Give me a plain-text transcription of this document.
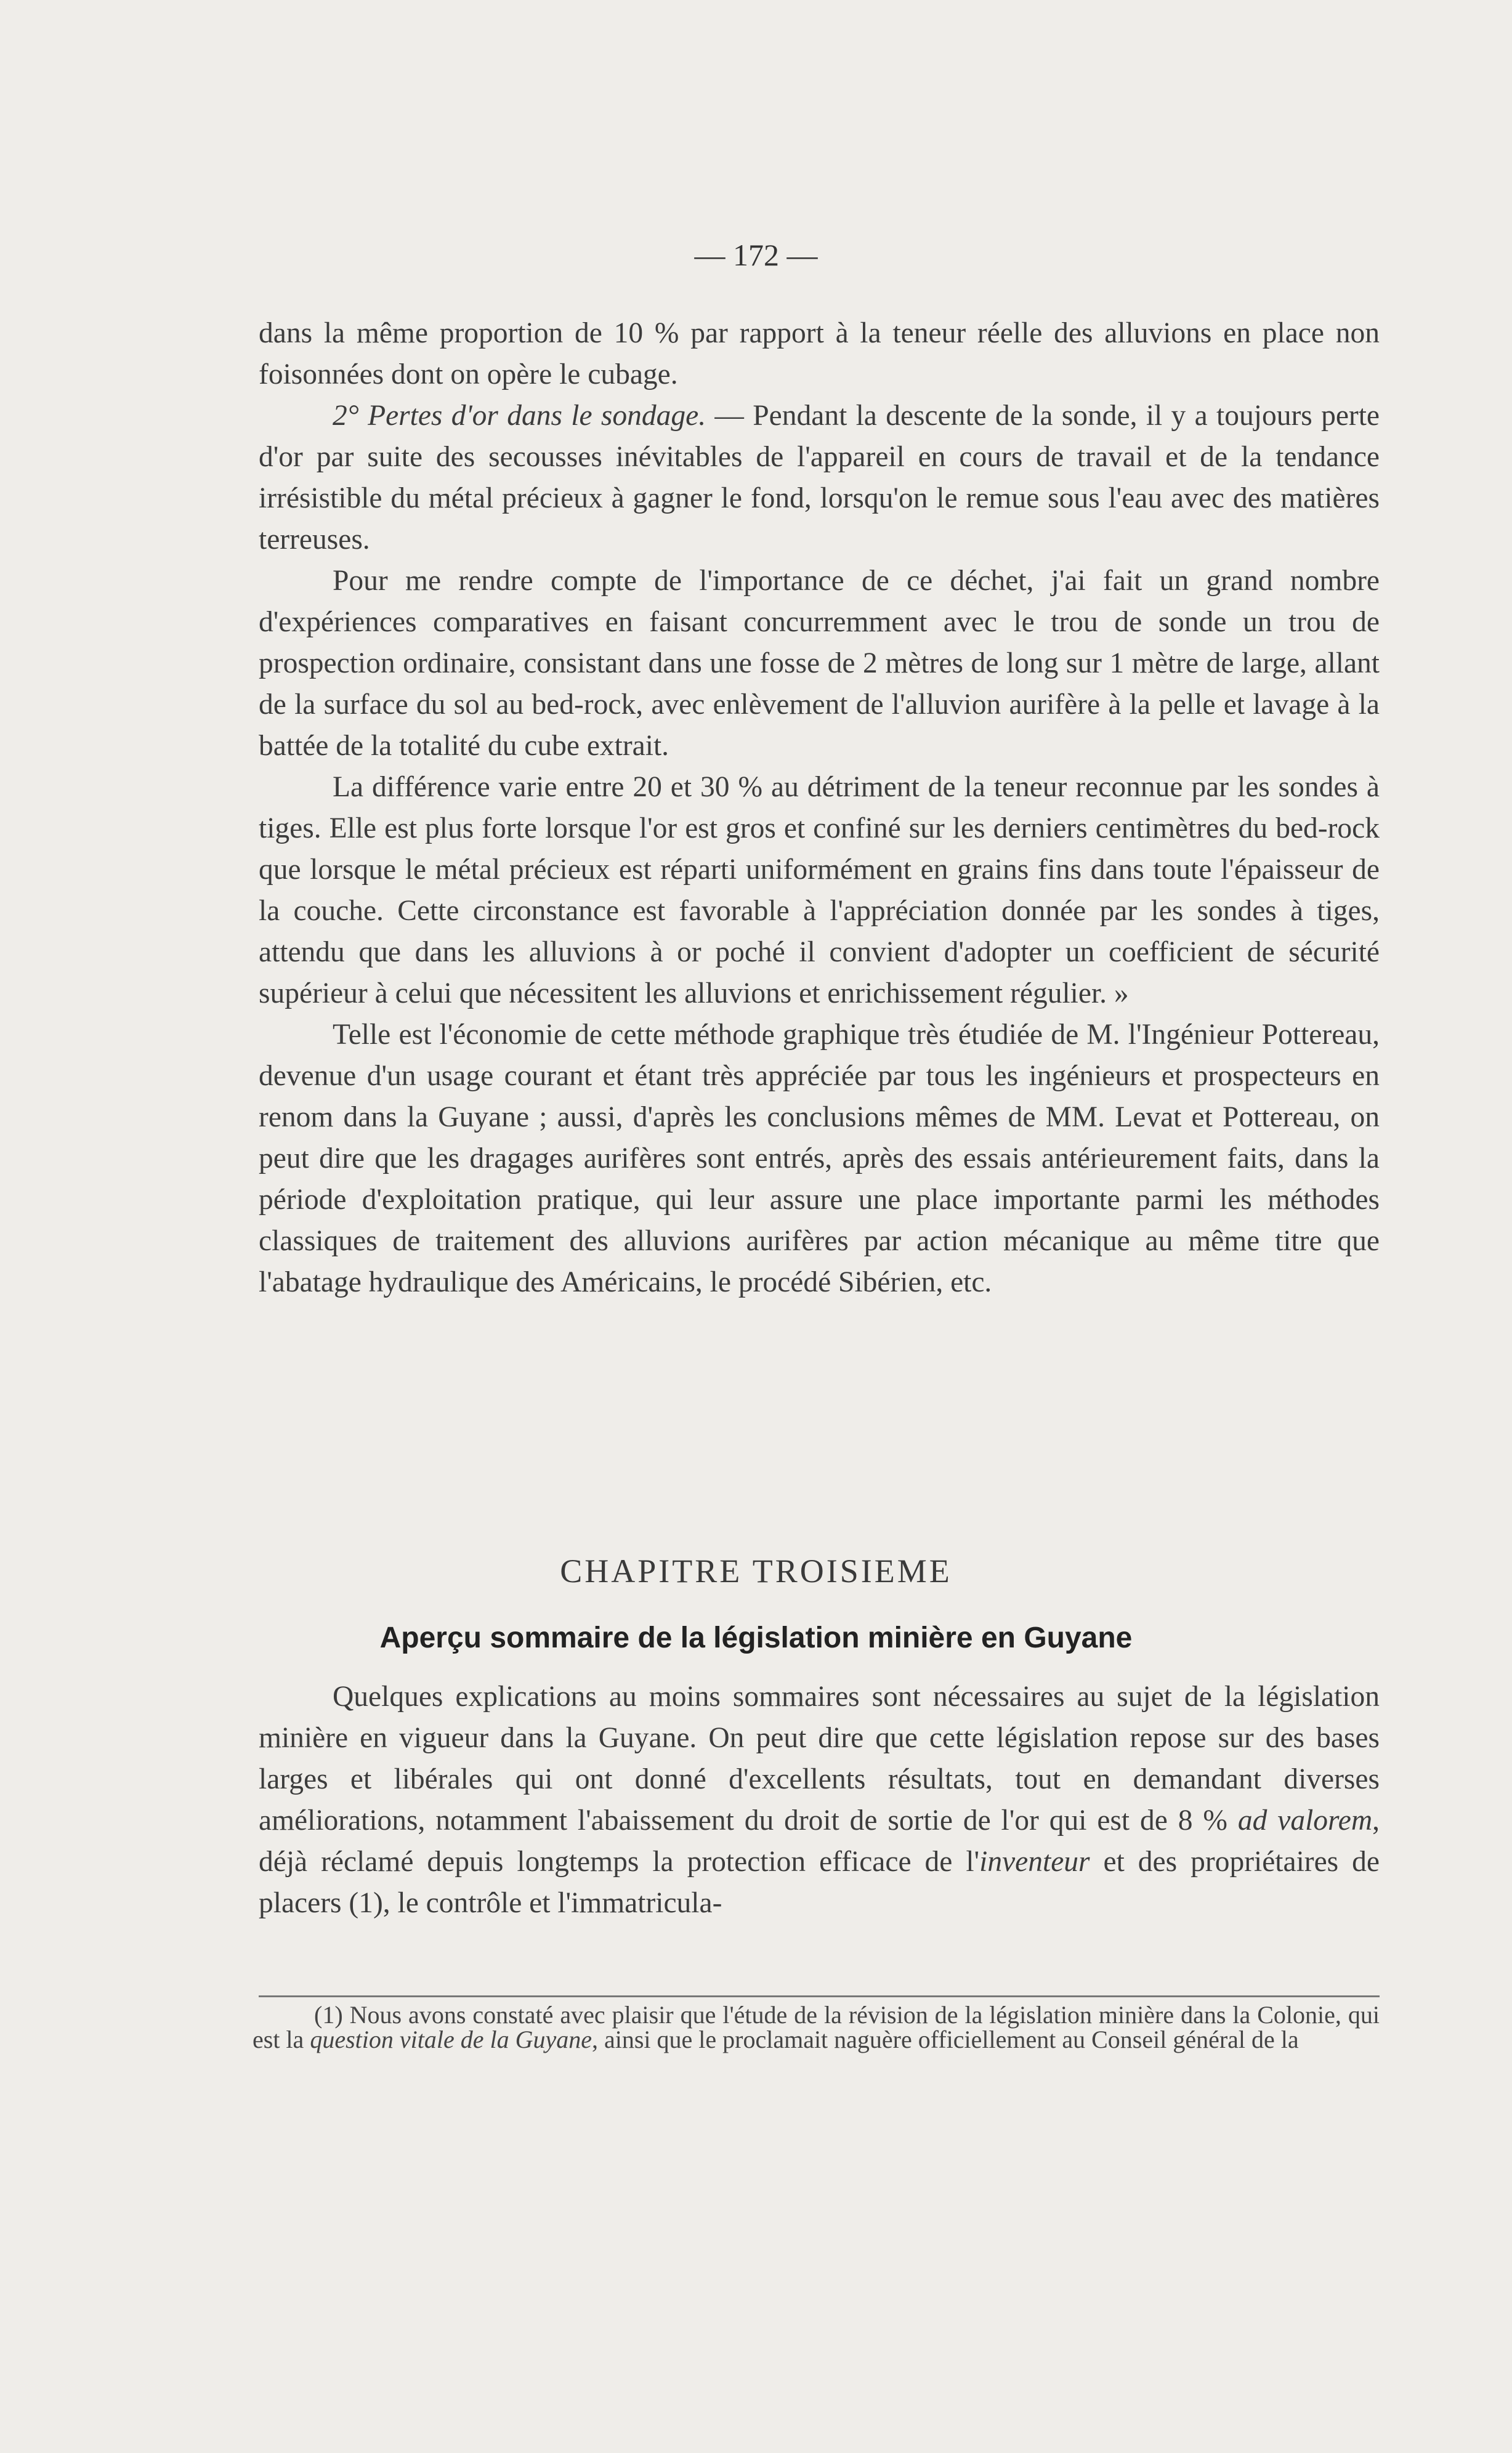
— 172 —

dans la même proportion de 10 % par rapport à la teneur réelle des alluvions en place non foisonnées dont on opère le cubage.

2° Pertes d'or dans le sondage. — Pendant la descente de la sonde, il y a toujours perte d'or par suite des secousses inévitables de l'appareil en cours de travail et de la tendance irrésistible du métal précieux à gagner le fond, lorsqu'on le remue sous l'eau avec des matières terreuses.

Pour me rendre compte de l'importance de ce déchet, j'ai fait un grand nombre d'expériences comparatives en faisant concurremment avec le trou de sonde un trou de prospection ordinaire, consistant dans une fosse de 2 mètres de long sur 1 mètre de large, allant de la surface du sol au bed-rock, avec enlèvement de l'alluvion aurifère à la pelle et lavage à la battée de la totalité du cube extrait.

La différence varie entre 20 et 30 % au détriment de la teneur reconnue par les sondes à tiges. Elle est plus forte lorsque l'or est gros et confiné sur les derniers centimètres du bed-rock que lorsque le métal précieux est réparti uniformément en grains fins dans toute l'épaisseur de la couche. Cette circonstance est favorable à l'appréciation donnée par les sondes à tiges, attendu que dans les alluvions à or poché il convient d'adopter un coefficient de sécurité supérieur à celui que nécessitent les alluvions et enrichissement régulier. »

Telle est l'économie de cette méthode graphique très étudiée de M. l'Ingénieur Pottereau, devenue d'un usage courant et étant très appréciée par tous les ingénieurs et prospecteurs en renom dans la Guyane ; aussi, d'après les conclusions mêmes de MM. Levat et Pottereau, on peut dire que les dragages aurifères sont entrés, après des essais antérieurement faits, dans la période d'exploitation pratique, qui leur assure une place importante parmi les méthodes classiques de traitement des alluvions aurifères par action mécanique au même titre que l'abatage hydraulique des Américains, le procédé Sibérien, etc.

CHAPITRE TROISIEME
Aperçu sommaire de la législation minière en Guyane

Quelques explications au moins sommaires sont nécessaires au sujet de la législation minière en vigueur dans la Guyane. On peut dire que cette législation repose sur des bases larges et libérales qui ont donné d'excellents résultats, tout en demandant diverses améliorations, notamment l'abaissement du droit de sortie de l'or qui est de 8 % ad valorem, déjà réclamé depuis longtemps la protection efficace de l'inventeur et des propriétaires de placers (1), le contrôle et l'immatricula-

(1) Nous avons constaté avec plaisir que l'étude de la révision de la législation minière dans la Colonie, qui est la question vitale de la Guyane, ainsi que le proclamait naguère officiellement au Conseil général de la
